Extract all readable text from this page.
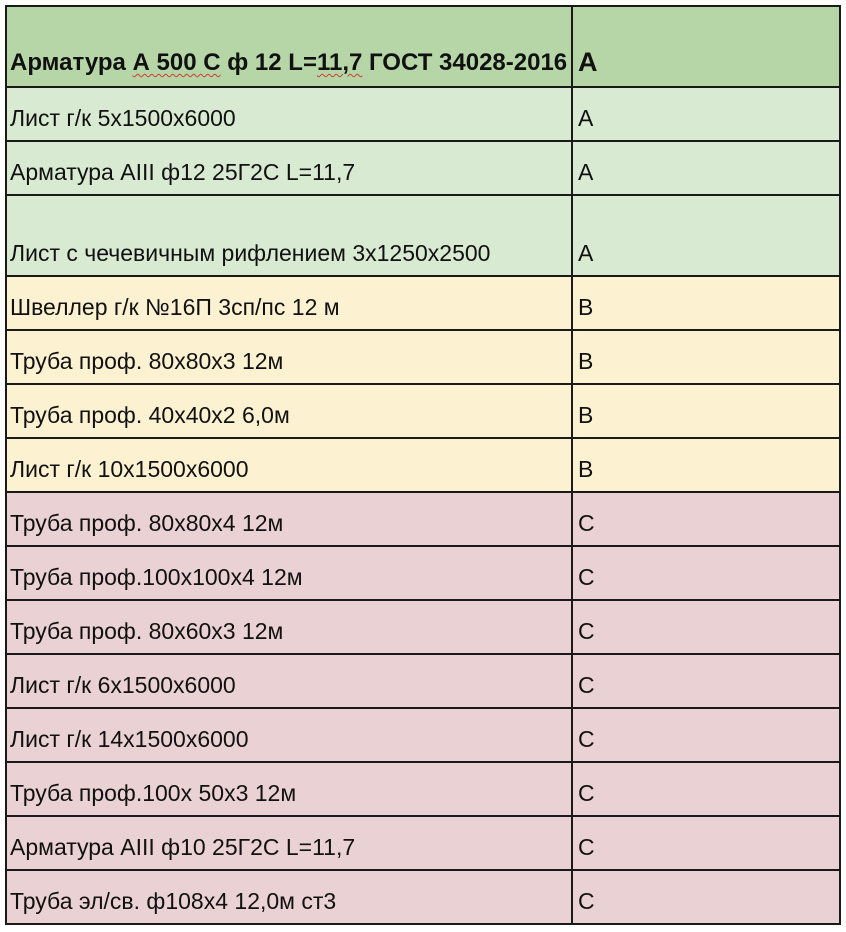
Арматура А 500 С ф 12 L=11,7 ГОСТ 34028-2016	А
Лист г/к 5х1500х6000	А
Арматура АIII ф12 25Г2С L=11,7	А
Лист с чечевичным рифлением 3х1250х2500	А
Швеллер г/к №16П 3сп/пс 12 м	В
Труба проф. 80х80х3 12м	В
Труба проф. 40х40х2 6,0м	В
Лист г/к 10х1500х6000	В
Труба проф. 80х80х4 12м	С
Труба проф.100х100х4 12м	С
Труба проф. 80х60х3 12м	С
Лист г/к 6х1500х6000	С
Лист г/к 14х1500х6000	С
Труба проф.100х 50х3 12м	С
Арматура АIII ф10 25Г2С L=11,7	С
Труба эл/св. ф108х4 12,0м ст3	С
